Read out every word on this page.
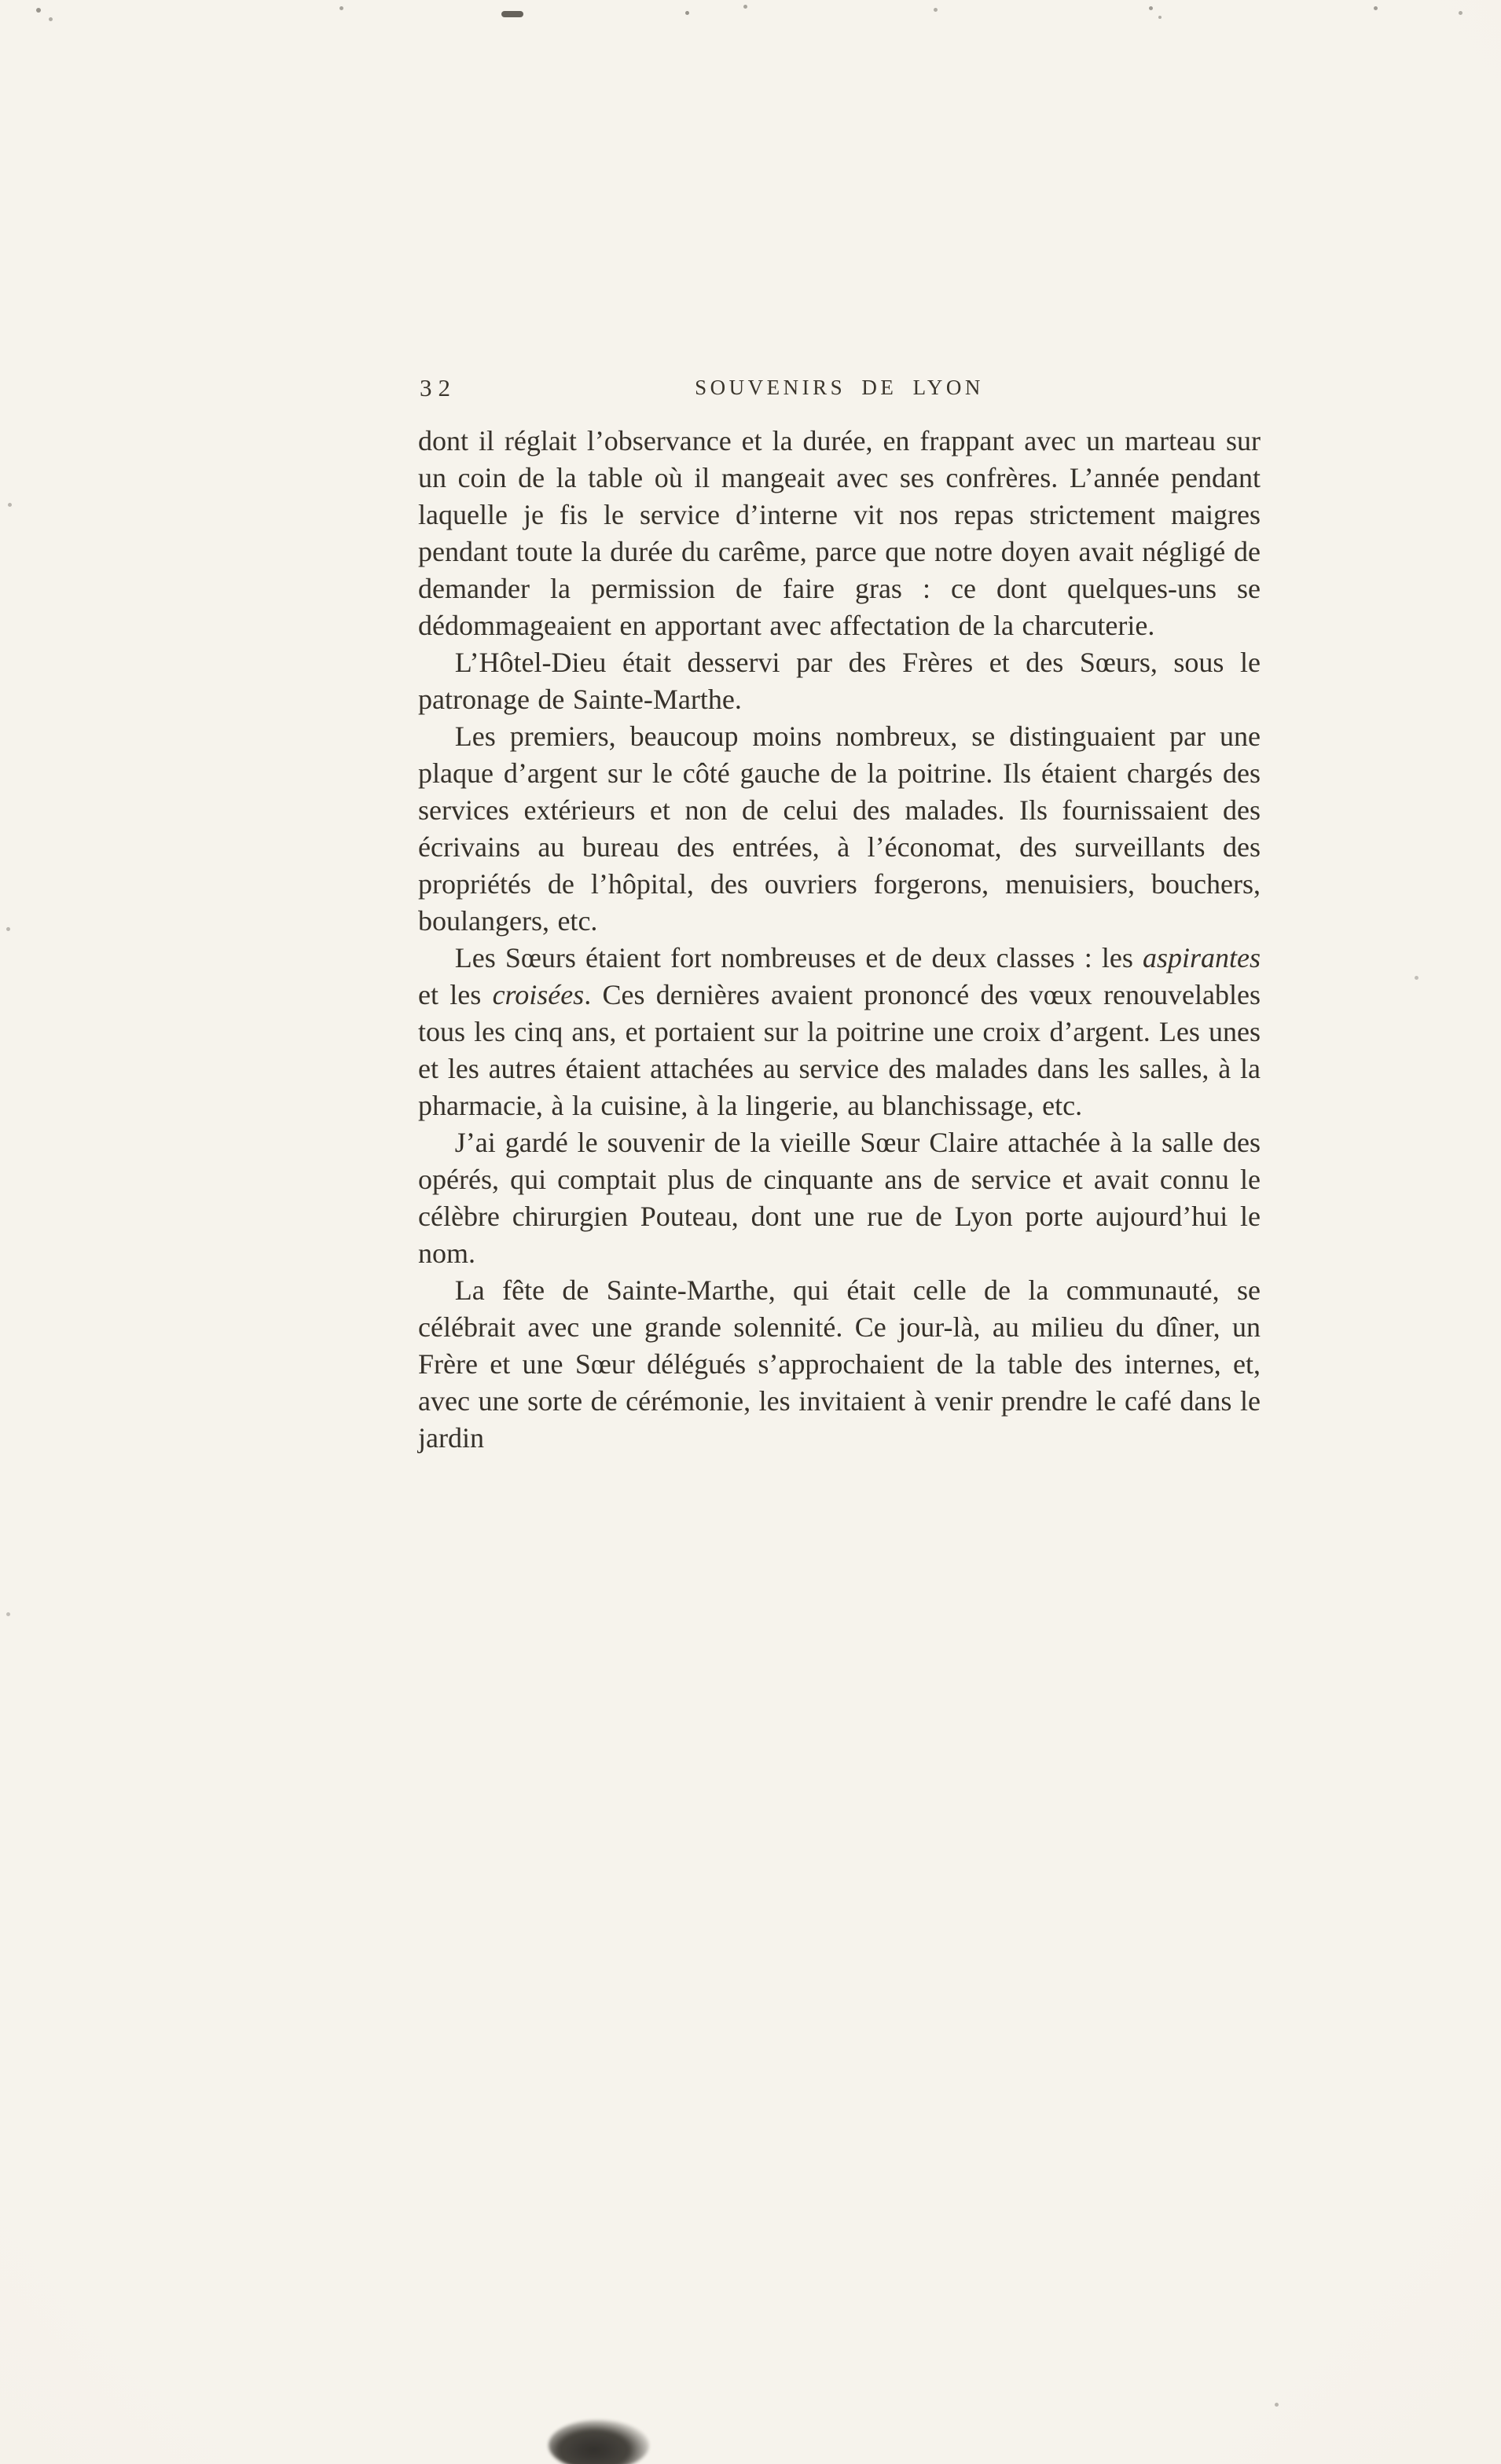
32	SOUVENIRS DE LYON

dont il réglait l’observance et la durée, en frappant avec un marteau sur un coin de la table où il mangeait avec ses confrères. L’année pendant laquelle je fis le service d’interne vit nos repas strictement maigres pendant toute la durée du carême, parce que notre doyen avait négligé de demander la permission de faire gras : ce dont quelques-uns se dédommageaient en apportant avec affectation de la charcuterie.

L’Hôtel-Dieu était desservi par des Frères et des Sœurs, sous le patronage de Sainte-Marthe.

Les premiers, beaucoup moins nombreux, se distinguaient par une plaque d’argent sur le côté gauche de la poitrine. Ils étaient chargés des services extérieurs et non de celui des malades. Ils fournissaient des écrivains au bureau des entrées, à l’économat, des surveillants des propriétés de l’hôpital, des ouvriers forgerons, menuisiers, bouchers, boulangers, etc.

Les Sœurs étaient fort nombreuses et de deux classes : les aspirantes et les croisées. Ces dernières avaient prononcé des vœux renouvelables tous les cinq ans, et portaient sur la poitrine une croix d’argent. Les unes et les autres étaient attachées au service des malades dans les salles, à la pharmacie, à la cuisine, à la lingerie, au blanchissage, etc.

J’ai gardé le souvenir de la vieille Sœur Claire attachée à la salle des opérés, qui comptait plus de cinquante ans de service et avait connu le célèbre chirurgien Pouteau, dont une rue de Lyon porte aujourd’hui le nom.

La fête de Sainte-Marthe, qui était celle de la communauté, se célébrait avec une grande solennité. Ce jour-là, au milieu du dîner, un Frère et une Sœur délégués s’approchaient de la table des internes, et, avec une sorte de cérémonie, les invitaient à venir prendre le café dans le jardin
